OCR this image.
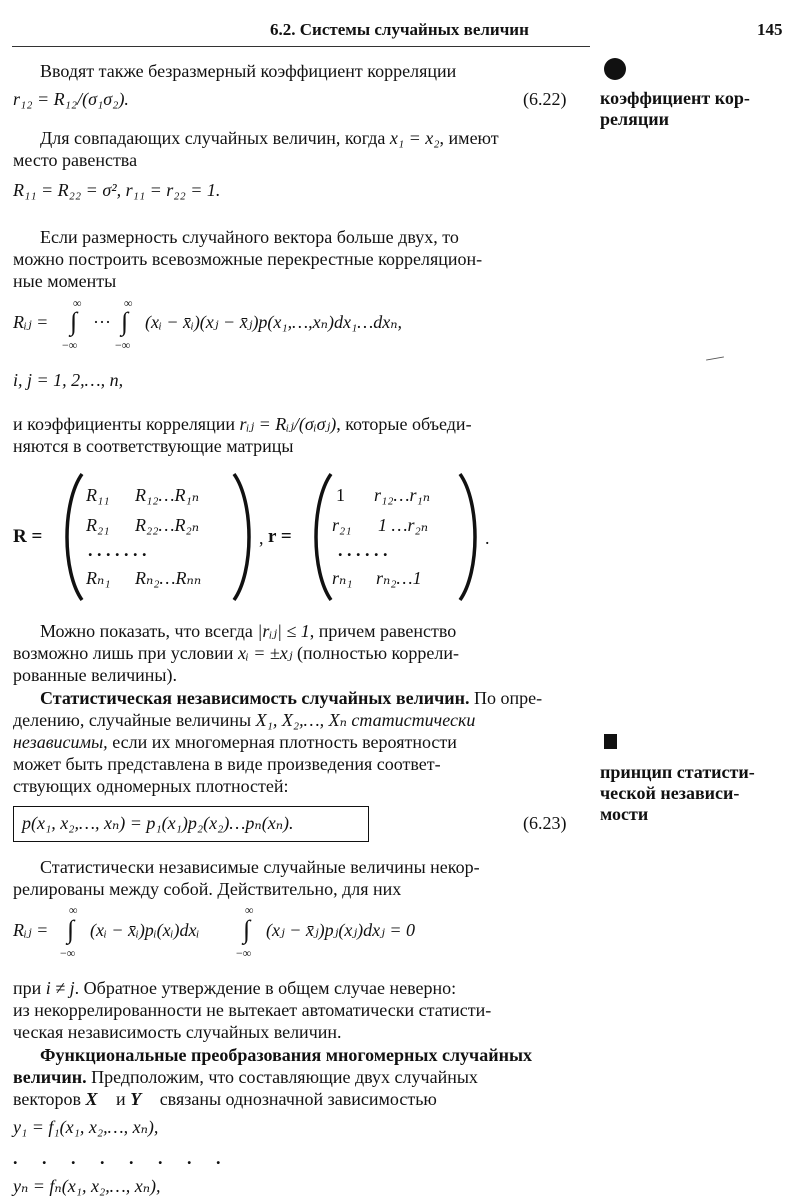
6.2. Системы случайных величин	145
коэффициент кор-
реляции
принцип статисти-
ческой независи-
мости
Вводят также безразмерный коэффициент корреляции
r₁₂ = R₁₂/(σ₁σ₂).	(6.22)
Для совпадающих случайных величин, когда x₁ = x₂, имеют
место равенства
R₁₁ = R₂₂ = σ², r₁₁ = r₂₂ = 1.
Если размерность случайного вектора больше двух, то
можно построить всевозможные перекрестные корреляцион-
ные моменты
Rᵢⱼ =
∞
∫
−∞
···
∞
∫
−∞
(xᵢ − x̄ᵢ)(xⱼ − x̄ⱼ)p(x₁,…,xₙ)dx₁…dxₙ,
i, j = 1, 2,…, n,
и коэффициенты корреляции rᵢⱼ = Rᵢⱼ/(σᵢσⱼ), которые объеди-
няются в соответствующие матрицы
R =
R₁₁ R₁₂…R₁ₙ
R₂₁ R₂₂…R₂ₙ
. . . . . . .
Rₙ₁ Rₙ₂…Rₙₙ
, r =
1 r₁₂…r₁ₙ
r₂₁ 1 …r₂ₙ
. . . . . .
rₙ₁ rₙ₂…1
.
Можно показать, что всегда |rᵢⱼ| ≤ 1, причем равенство
возможно лишь при условии xᵢ = ±xⱼ (полностью коррели-
рованные величины).
Статистическая независимость случайных величин. По опре-
делению, случайные величины X₁, X₂,…, Xₙ статистически
независимы, если их многомерная плотность вероятности
может быть представлена в виде произведения соответ-
ствующих одномерных плотностей:
p(x₁, x₂,…, xₙ) = p₁(x₁)p₂(x₂)…pₙ(xₙ).	(6.23)
Статистически независимые случайные величины некор-
релированы между собой. Действительно, для них
Rᵢⱼ =
∞
∫
−∞
(xᵢ − x̄ᵢ)pᵢ(xᵢ)dxᵢ
∞
∫
−∞
(xⱼ − x̄ⱼ)pⱼ(xⱼ)dxⱼ = 0
при i ≠ j. Обратное утверждение в общем случае неверно:
из некоррелированности не вытекает автоматически статисти-
ческая независимость случайных величин.
Функциональные преобразования многомерных случайных
величин. Предположим, что составляющие двух случайных
векторов X⃗ и Y⃗ связаны однозначной зависимостью
y₁ = f₁(x₁, x₂,…, xₙ),
. . . . . . . .
yₙ = fₙ(x₁, x₂,…, xₙ),
